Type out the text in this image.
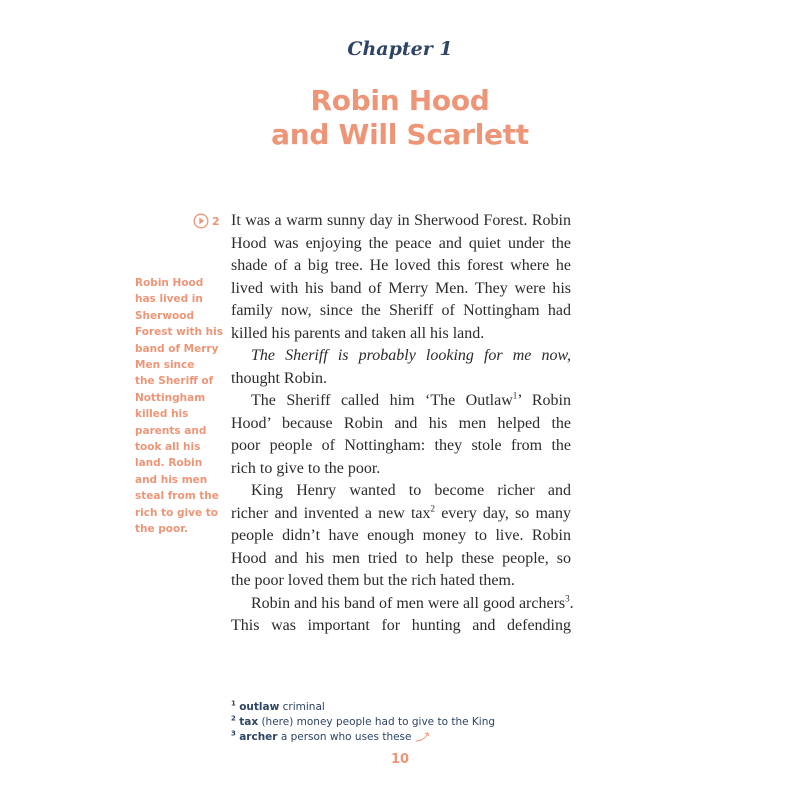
Chapter 1
Robin Hood
and Will Scarlett
2
Robin Hood
has lived in
Sherwood
Forest with his
band of Merry
Men since
the Sheriff of
Nottingham
killed his
parents and
took all his
land. Robin
and his men
steal from the
rich to give to
the poor.
It was a warm sunny day in Sherwood Forest. Robin
Hood was enjoying the peace and quiet under the
shade of a big tree. He loved this forest where he
lived with his band of Merry Men. They were his
family now, since the Sheriff of Nottingham had
killed his parents and taken all his land.
The Sheriff is probably looking for me now,
thought Robin.
The Sheriff called him ‘The Outlaw$^1$’ Robin
Hood’ because Robin and his men helped the
poor people of Nottingham: they stole from the
rich to give to the poor.
King Henry wanted to become richer and
richer and invented a new tax$^2$ every day, so many
people didn’t have enough money to live. Robin
Hood and his men tried to help these people, so
the poor loved them but the rich hated them.
Robin and his band of men were all good archers$^3$.
This was important for hunting and defending
$^1$ outlaw criminal
$^2$ tax (here) money people had to give to the King
$^3$ archer a person who uses these
10
